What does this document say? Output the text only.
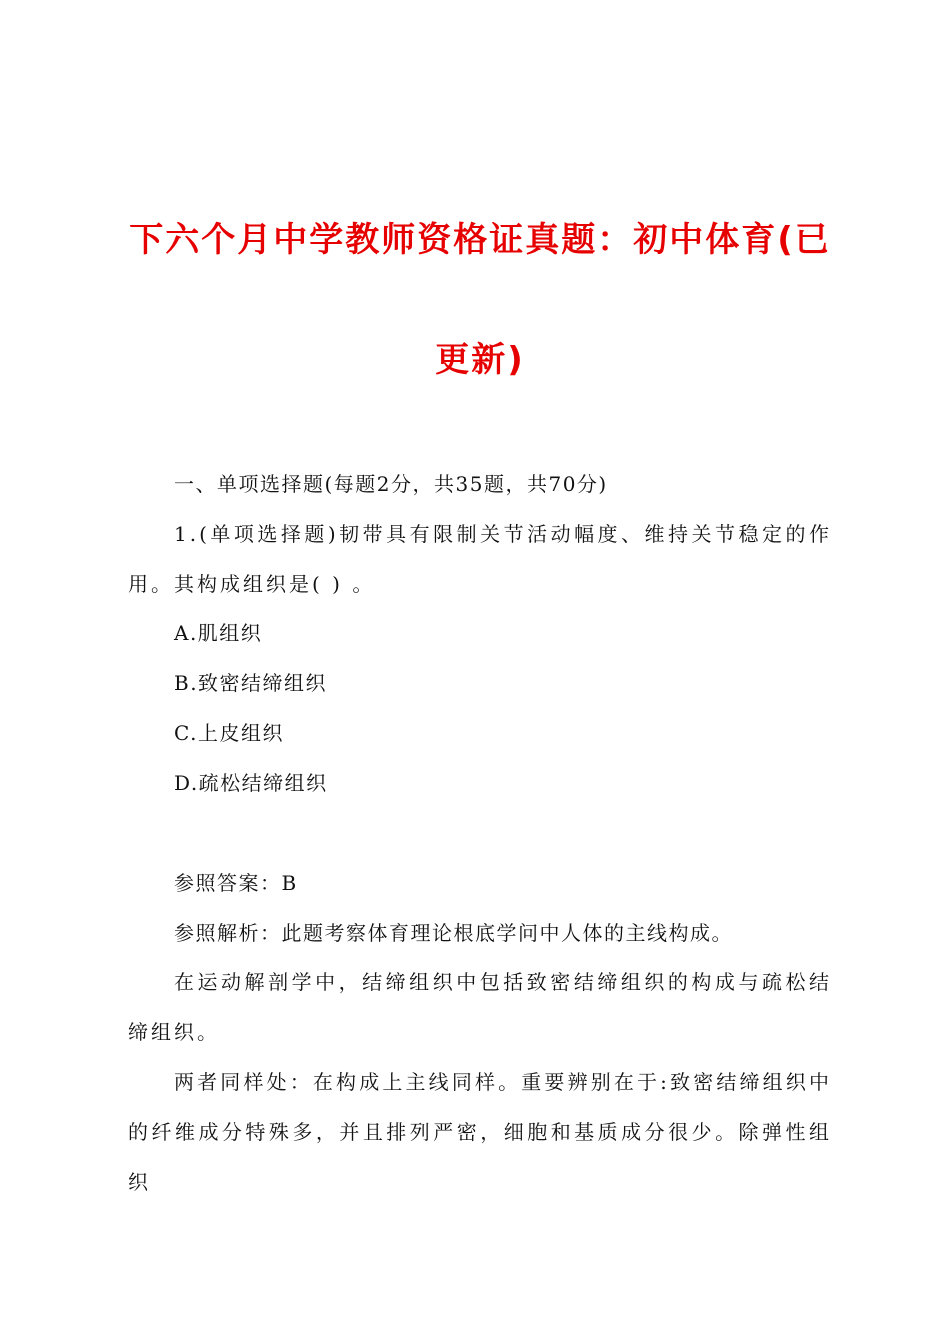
下六个月中学教师资格证真题：初中体育(已
更新)

一、单项选择题(每题2分，共35题，共70分)

1.(单项选择题)韧带具有限制关节活动幅度、维持关节稳定的作用。其构成组织是( ) 。

A.肌组织

B.致密结缔组织

C.上皮组织

D.疏松结缔组织

参照答案：B

参照解析：此题考察体育理论根底学问中人体的主线构成。

在运动解剖学中，结缔组织中包括致密结缔组织的构成与疏松结缔组织。

两者同样处：在构成上主线同样。重要辨别在于:致密结缔组织中的纤维成分特殊多，并且排列严密，细胞和基质成分很少。除弹性组织
